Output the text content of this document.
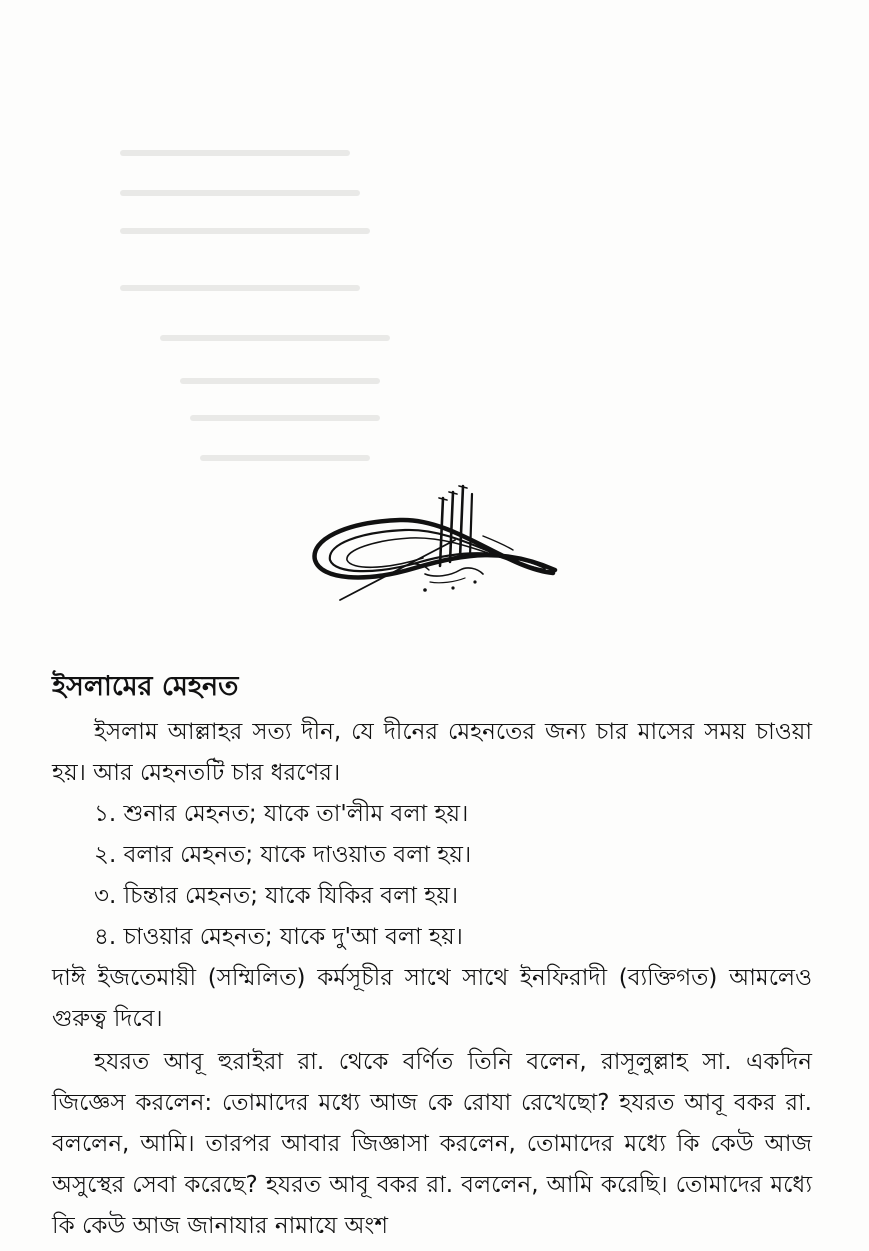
ইসলামের মেহনত

ইসলাম আল্লাহর সত্য দীন, যে দীনের মেহনতের জন্য চার মাসের সময় চাওয়া হয়। আর মেহনতটি চার ধরণের।

১. শুনার মেহনত; যাকে তা'লীম বলা হয়।

২. বলার মেহনত; যাকে দাওয়াত বলা হয়।

৩. চিন্তার মেহনত; যাকে যিকির বলা হয়।

৪. চাওয়ার মেহনত; যাকে দু'আ বলা হয়।

দাঈ ইজতেমায়ী (সম্মিলিত) কর্মসূচীর সাথে সাথে ইনফিরাদী (ব্যক্তিগত) আমলেও গুরুত্ব দিবে।

হযরত আবূ হুরাইরা রা. থেকে বর্ণিত তিনি বলেন, রাসূলুল্লাহ সা. একদিন জিজ্ঞেস করলেন: তোমাদের মধ্যে আজ কে রোযা রেখেছো? হযরত আবূ বকর রা. বললেন, আমি। তারপর আবার জিজ্ঞাসা করলেন, তোমাদের মধ্যে কি কেউ আজ অসুস্থের সেবা করেছে? হযরত আবূ বকর রা. বললেন, আমি করেছি। তোমাদের মধ্যে কি কেউ আজ জানাযার নামাযে অংশ
